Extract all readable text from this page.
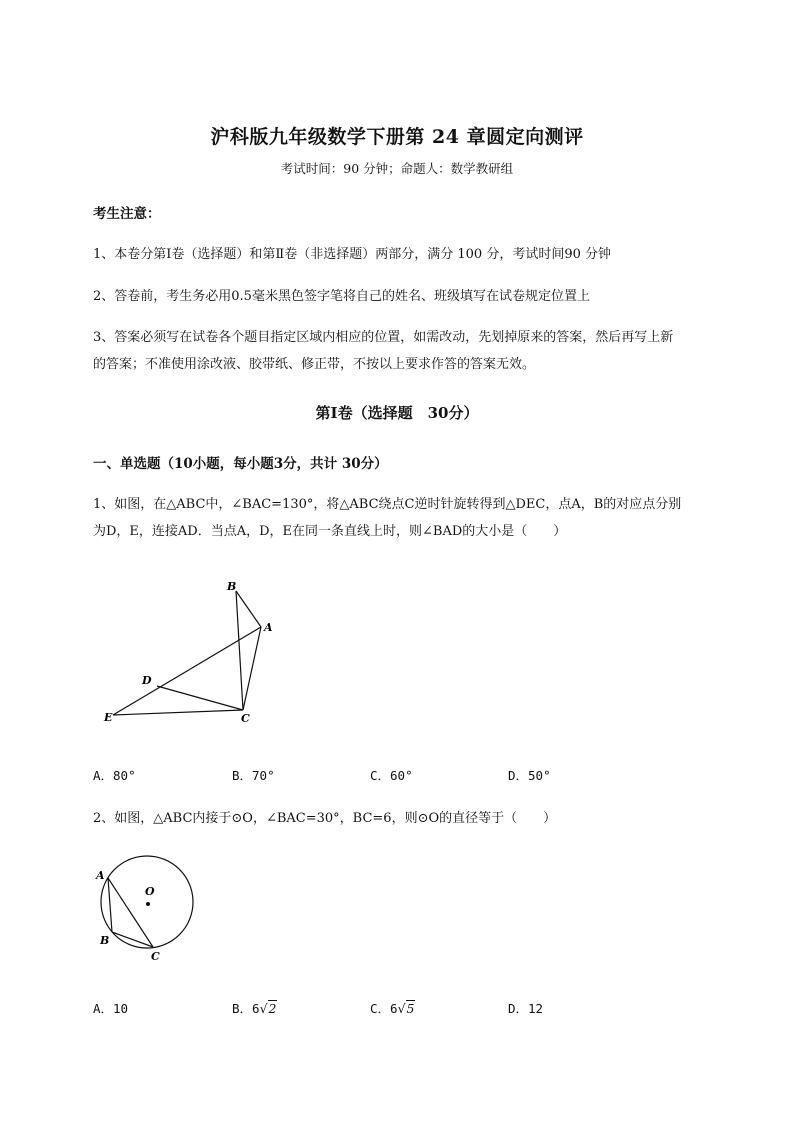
沪科版九年级数学下册第 24 章圆定向测评
考试时间：90 分钟；命题人：数学教研组
考生注意：
1、本卷分第Ⅰ卷（选择题）和第Ⅱ卷（非选择题）两部分，满分 100 分，考试时间90 分钟
2、答卷前，考生务必用0.5毫米黑色签字笔将自己的姓名、班级填写在试卷规定位置上
3、答案必须写在试卷各个题目指定区域内相应的位置，如需改动，先划掉原来的答案，然后再写上新
的答案；不准使用涂改液、胶带纸、修正带，不按以上要求作答的答案无效。
第Ⅰ卷（选择题　30分）
一、单选题（10小题，每小题3分，共计 30分）
1、如图，在△ABC中，∠BAC=130°，将△ABC绕点C逆时针旋转得到△DEC，点A，B的对应点分别
为D，E，连接AD．当点A，D，E在同一条直线上时，则∠BAD的大小是（　　）
B
A
D
E	C
A．80°	B．70°	C．60°	D．50°
2、如图，△ABC内接于⊙O，∠BAC=30°，BC=6，则⊙O的直径等于（　　）
A
O
B
C
A．10	B．6√2	C．6√5	D．12
